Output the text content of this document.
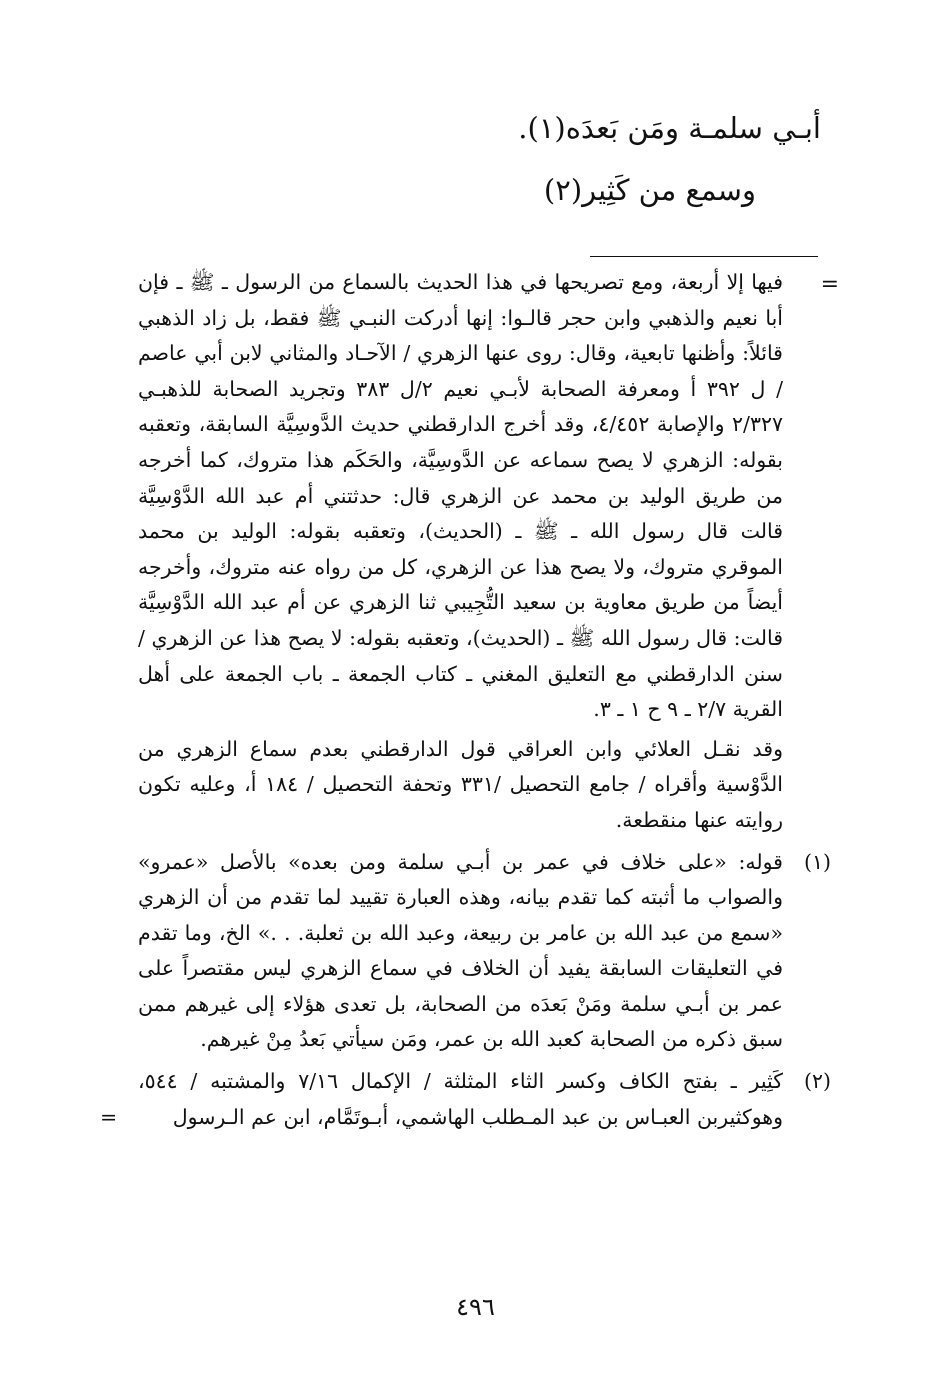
أبـي سلمـة ومَن بَعدَه(١).
وسمع من كَثِير(٢)
=

فيها إلا أربعة، ومع تصريحها في هذا الحديث بالسماع من الرسول ـ ﷺ ـ فإن أبا نعيم والذهبي وابن حجر قالـوا: إنها أدركت النبـي ﷺ فقط، بل زاد الذهبي قائلاً: وأظنها تابعية، وقال: روى عنها الزهري / الآحـاد والمثاني لابن أبي عاصم / ل ٣٩٢ أ ومعرفة الصحابة لأبـي نعيم ٢/ل ٣٨٣ وتجريد الصحابة للذهبـي ٢/٣٢٧ والإصابة ٤/٤٥٢، وقد أخرج الدارقطني حديث الدَّوسِيَّة السابقة، وتعقبه بقوله: الزهري لا يصح سماعه عن الدَّوسِيَّة، والحَكَم هذا متروك، كما أخرجه من طريق الوليد بن محمد عن الزهري قال: حدثتني أم عبد الله الدَّوْسِيَّة قالت قال رسول الله ـ ﷺ ـ (الحديث)، وتعقبه بقوله: الوليد بن محمد الموقري متروك، ولا يصح هذا عن الزهري، كل من رواه عنه متروك، وأخرجه أيضاً من طريق معاوية بن سعيد التُّجِيبي ثنا الزهري عن أم عبد الله الدَّوْسِيَّة قالت: قال رسول الله ﷺ ـ (الحديث)، وتعقبه بقوله: لا يصح هذا عن الزهري / سنن الدارقطني مع التعليق المغني ـ كتاب الجمعة ـ باب الجمعة على أهل القرية ٢/٧ ـ ٩ ح ١ ـ ٣.

وقد نقـل العلائي وابن العراقي قول الدارقطني بعدم سماع الزهري من الدَّوْسية وأقراه / جامع التحصيل /٣٣١ وتحفة التحصيل / ١٨٤ أ، وعليه تكون روايته عنها منقطعة.

(١)

قوله: «على خلاف في عمر بن أبـي سلمة ومن بعده» بالأصل «عمرو» والصواب ما أثبته كما تقدم بيانه، وهذه العبارة تقييد لما تقدم من أن الزهري «سمع من عبد الله بن عامر بن ربيعة، وعبد الله بن ثعلبة. . .» الخ، وما تقدم في التعليقات السابقة يفيد أن الخلاف في سماع الزهري ليس مقتصراً على عمر بن أبـي سلمة ومَنْ بَعدَه من الصحابة، بل تعدى هؤلاء إلى غيرهم ممن سبق ذكره من الصحابة كعبد الله بن عمر، ومَن سيأتي بَعدُ مِنْ غيرهم.

(٢)

كَثِير ـ بفتح الكاف وكسر الثاء المثلثة / الإكمال ٧/١٦ والمشتبه / ٥٤٤، وهوكثيربن العبـاس بن عبد المـطلب الهاشمي، أبـوتَمَّام، ابن عم الـرسول

=
٤٩٦
